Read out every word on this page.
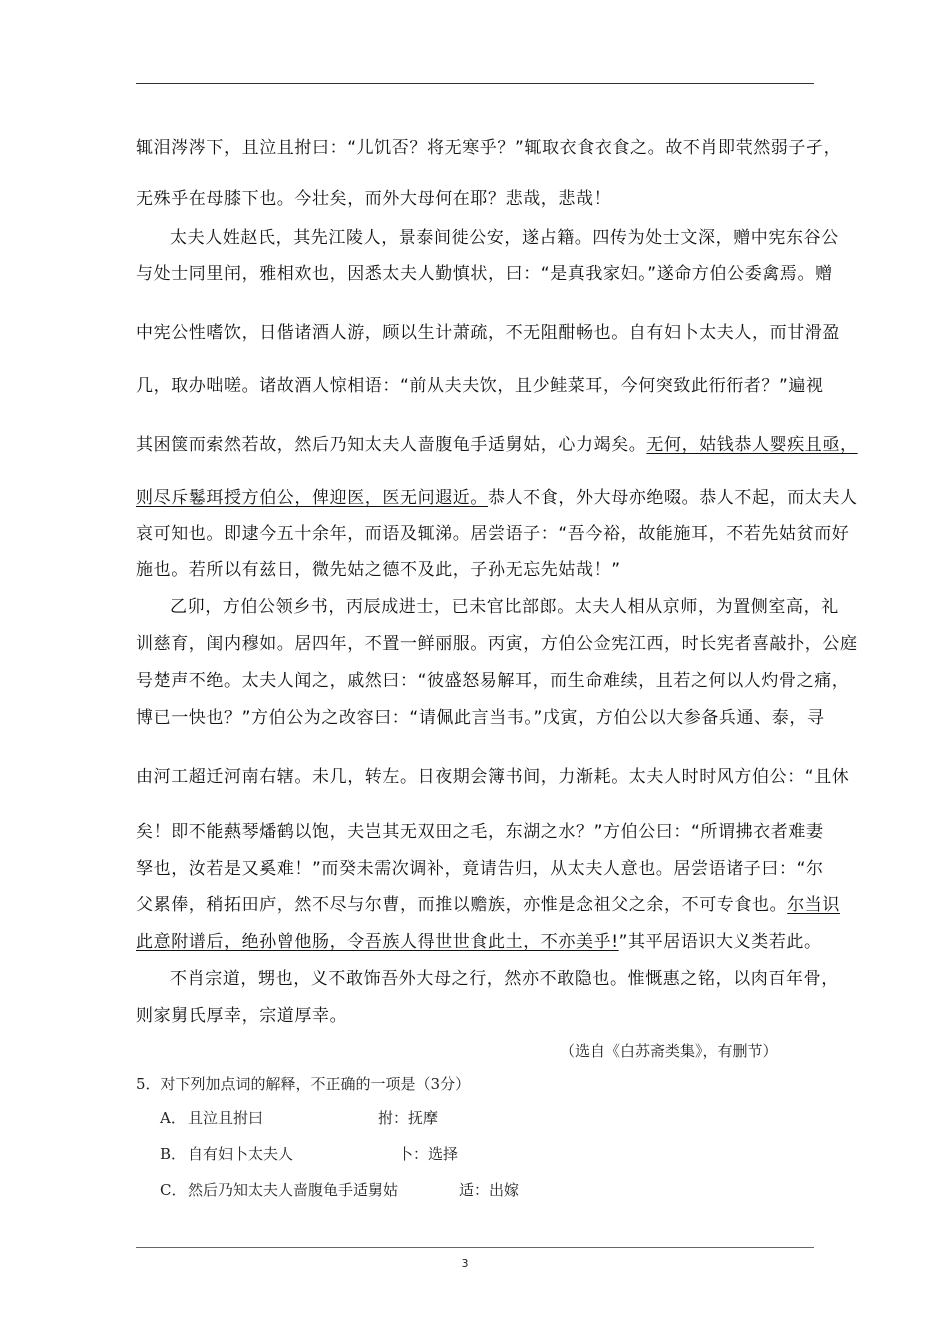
辄泪涔涔下，且泣且拊曰：“儿饥否？将无寒乎？”辄取衣食衣食之。故不肖即茕然弱子孑，
无殊乎在母膝下也。今壮矣，而外大母何在耶？悲哉，悲哉！
太夫人姓赵氏，其先江陵人，景泰间徙公安，遂占籍。四传为处士文深，赠中宪东谷公
与处士同里闬，雅相欢也，因悉太夫人勤慎状，曰：“是真我家妇。”遂命方伯公委禽焉。赠
中宪公性嗜饮，日偕诸酒人游，顾以生计萧疏，不无阻酣畅也。自有妇卜太夫人，而甘滑盈
几，取办咄嗟。诸故酒人惊相语：“前从夫夫饮，且少鲑菜耳，今何突致此衎衎者？”遍视
其困箧而索然若故，然后乃知太夫人啬腹龟手适舅姑，心力竭矣。无何，姑钱恭人婴疾且亟，
则尽斥鬈珥授方伯公，俾迎医，医无问遐近。恭人不食，外大母亦绝啜。恭人不起，而太夫人
哀可知也。即逮今五十余年，而语及辄涕。居尝语子：“吾今裕，故能施耳，不若先姑贫而好
施也。若所以有兹日，微先姑之德不及此，子孙无忘先姑哉！”
乙卯，方伯公领乡书，丙辰成进士，已未官比部郎。太夫人相从京师，为置侧室高，礼
训慈育，闺内穆如。居四年，不置一鲜丽服。丙寅，方伯公佥宪江西，时长宪者喜敲扑，公庭
号楚声不绝。太夫人闻之，戚然曰：“彼盛怒易解耳，而生命难续，且若之何以人灼骨之痛，
博已一快也？”方伯公为之改容曰：“请佩此言当韦。”戊寅，方伯公以大参备兵通、泰，寻
由河工超迁河南右辖。未几，转左。日夜期会簿书间，力渐耗。太夫人时时风方伯公：“且休
矣！即不能爇琴燔鹤以饱，夫岂其无双田之毛，东湖之水？”方伯公曰：“所谓拂衣者难妻
孥也，汝若是又奚难！”而癸未需次调补，竟请告归，从太夫人意也。居尝语诸子曰：“尔
父累俸，稍拓田庐，然不尽与尔曹，而推以赡族，亦惟是念祖父之余，不可专食也。尔当识
此意附谱后，绝孙曾他肠，令吾族人得世世食此土，不亦美乎!”其平居语识大义类若此。
不肖宗道，甥也，义不敢饰吾外大母之行，然亦不敢隐也。惟慨惠之铭，以肉百年骨，
则家舅氏厚幸，宗道厚幸。
（选自《白苏斋类集》，有删节）
5．对下列加点词的解释，不正确的一项是（3分）
A． 且泣且拊曰	拊：抚摩
B． 自有妇卜太夫人	卜：选择
C． 然后乃知太夫人啬腹龟手适舅姑	适：出嫁
3
